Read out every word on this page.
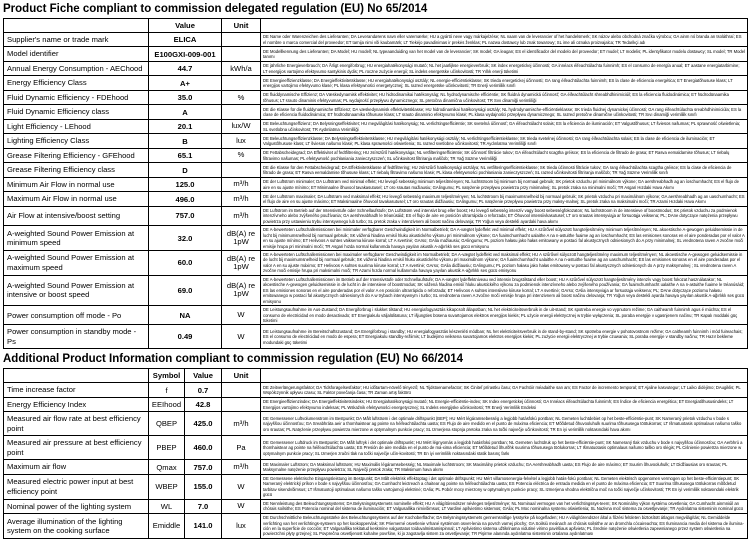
Product Fiche compliant to commission delegated regulation (EU) No 65/2014
	Value	Unit	
Supplier's name or trade mark	ELICA		DE Name oder Warenzeichen des Lieferanten; DA Leverandørens navn eller varemærke; HU a gyártó neve vagy márkajelzése; NL naam van de leverancier of het handelsmerk; SK názov alebo obchodná značka výrobcu; GA ainm nó branda an tsoláthraí; ES el nombre o marca comercial del proveedor; ET tarnija nimi või kaubamärk; LT Tiekėjo pavadinimas ir prekės ženklas; PL nazwa dostawcy lub znak towarowy; SL ime ali oznaka proizvajalca; TR Tedarikçi adı
Model identifier	E100GXI-009-001		DE Modellkennung des Lieferanten; DA Model; HU modell; NL typeaanduiding van het model van de leverancier; SK model; GA leagan; ES el identificador del modelo del proveedor; ET mudel; LT modelis; PL identyfikator modelu dostawcy; SL model; TR Model tanımı
Annual Energy Consumption - AEChood	44.7	kWh/a	DE jährliche Energieverbrauch; DA Årligt energiforbrug; HU energiahatékonysági mutató; NL het jaarlijkse energieverbruik; SK index energetickej účinnosti; GA innéacs éifeachtúlachta fuinnimh; ES el consumo de energía anual; ET aastane energiatarbimine; LT energijos vartojimo efektyvumo santykinis dydis; PL roczne zużycie energii; SL indeks energetske učinkovitosti; TR Yıllık enerji tüketimi
Energy Efficiency Class	A+		DE Energieeffizienzklasse; DA Energieffektivitetsklasse; HU energiahatékonysági osztály; NL energie-efficiëntieklasse; SK trieda energetickej účinnosti; GA rang éifeachtúlachta fuinnimh; ES la clase de eficiencia energética; ET Energiatõhususe klass; LT energijos vartojimo efektyvumo klasė; PL klasa efektywności energetycznej; SL razred energetske učinkovitosti; TR Enerji verimlilik sınıfı
Fluid Dynamic Efficiency - FDEhood	35.0	%	DE fluiddynamische Effizienz; DA Væskedynamisk effektivitet; HU hidrodinamikai hatékonyság; NL hydrodynamische efficiëntie; SK fluidná dynamická účinnosť; GA éifeachtúlacht shreabhdhinimiciúil; ES la eficiencia fluidodinámica; ET hüdrodünaamika tõhusus; LT srauto dinaminis efektyvumas; PL wydajność przepływu dynamicznego; SL pretočna dinamična učinkovitost; TR Sıvı dinamiği verimliliği
Fluid Dynamic Efficiency class	A		DE die Klasse für die fluiddynamische Effizienz; DA væskedynamisk effektivitetsklasse; HU hidrodinamikai hatékonysági osztály; NL hydrodynamische-efficiëntieklasse; SK trieda fluidnej dynamickej účinnosti; GA rang éifeachtúlachta sreabhdhinimiciúla; ES la clase de eficiencia fluidodinámica; ET hüdrodünaamika tõhususe klass; LT srauto dinaminio efektyvumo klasė; PL klasa wydajności przepływu dynamicznego; SL razred pretočne dinamične učinkovitosti; TR Sıvı dinamiği verimlilik sınıfı
Light Efficiency - LEhood	20.1	lux/W	DE Beleuchtungseffizienz; DA Belysningseffektivitet; HU megvilágítási hatékonyság; NL verlichtingsefficiëntie; SK svetelná účinnosť; GA éifeachtúlacht solais; ES la eficiencia de iluminación; ET Valgustõhusus; LT šviesos našumas; PL sprawność oświetlenia; SL svetlobna učinkovitost; TR Aydınlatma Verimliliği
Lighting Efficiency Class	B	lux	DE Beleuchtungseffizienzklasse; DA Belysningseffektivitetsklasse; HU megvilágítási hatékonysági osztály; NL verlichtingsefficiëntieklasse; SK trieda svetelnej účinnosti; GA rang éifeachtúlachta solais; ES la clase de eficiencia de iluminación; ET Valgustõhususe klass; LT šviesos našumo klasė; PL klasa sprawności oświetlenia; SL razred svetlobne učinkovitosti; TR Aydınlatma Verimliliği sınıfı
Grease Filtering Efficiency - GFEhood	65.1	%	DE Fettabscheidegrad; DA Effektivitet af fedtfiltrering; HU zsírszűrő hatékonysága; NL vetfilteringsefficiëntie; SK účinnosť filtrácie tukov; GA éifeachtúlacht scagtha gréisce; ES la eficiencia de filtrado de grasa; ET Rasva eemaldamise tõhusus; LT riebalų filtravimo našumas; PL efektywność pochłaniania zanieczyszczeń; SL učinkovitost filtriranja maščob; TR Yağ Süzme Verimliliği
Grease Filtering Efficiency class	D		DE die Klasse für den Fettabscheidegrad; DA Effektivitetsklasse af fedtfiltrering; HU zsírszűrő hatékonysági osztálya; NL vetfilteringsefficiëntieklasse; SK trieda účinnosti filtrácie tukov; GA rang éifeachtúlachta scagtha gréisce; ES la clase de eficiencia de filtrado de grasa; ET Rasva eemaldamise tõhususe klass; LT riebalų filtravimo našumo klasė; PL klasa efektywności pochłaniania zanieczyszczeń; SL razred učinkovitosti filtriranja maščob; TR Yağ Süzme Verimlilik sınıfı
Minimum Air Flow in normal use	125.0	m³/h	DE der Luftstrom minimaler; DA Luftstrøm ved minimal effekt; HU levegő sebesség minimum teljesítményen; NL luchtstroom bij minimum bij normaal gebruik; SK prietok vzduchu pri minimálnom výkone; GA aershreabhadh ag an íoschumhacht; ES el flujo de aire en su ajuste mínimo; ET Minimaalne õhuvool tavakasutusel; LT oro srautas mažiausiu; GAlingumu; PL natężenie przepływu powietrza przy minimalnej; SL pretok zraka na minimalni moči; TR Asgari Hızdaki Hava Akımı
Maximum Air Flow in normal use	496.0	m³/h	DE der Luftstrom maximaler; DA Luftstrøm ved maksimal effekt; HU levegő sebesség maximum teljesítményen; NL luchtstroom bij maximumsnelheid bij normaal gebruik; SK prietok vzduchu pri maximálnom výkone; GA aershreabhadh ag an uaschumhacht; ES el flujo de aire en su ajuste máximo; ET Maksimaalne õhuvool tavakasutusel; LT oro srautas didžiausiu; GAlingumu; PL natężenie przepływu powietrza przy maksy-malnej; SL pretok zraka na maksimalni moči; TR Azami Hızdaki Hava Akımı
Air Flow at intensive/boost setting	757.0	m³/h	DE Luftstrom im Betrieb auf der Intensivstufe oder Schnellaufstufe; DA Luftstrøm ved intensivt brug eller boost; HU levegő sebesség intenzív vagy boost sebességfokozaton; NL luchtstroom in de intensieve of boostmodus; SK prietok vzduchu za podmienok intenzívneho alebo zvýšeného používania; GA aershreabhadh le tréanúsáid; ES el flujo de aire en posición ultrarrápida o reforzada; ET Õhuvool intensiivkasutusel; LT oro srautas intensyviąja ar forsuotąja veiksena; PL; DAne dotyczące natężenia przepływu powietrza przy ustawieniu trybu intensywnego lub turbo; SL pretok zraka v intenzivnem ali boost načinu delovanja; TR Yoğun veya destekli ayardaki hava akımı
A-weighted Sound Power Emission at minimum speed	32.0	dB(A) re 1pW	DE A-bewerteten Luftschallemissionen bei minimaler verfügbarer Geschwindigkeit im Normalbetrieb; DA A-vægtet lydeffekt ved minimal effekt; HU A szűrővel súlyozott hangteljesítmény minimum teljesítményen; NL akoestische A-gewogen geluidsemissie in de lucht bij minimumsnelheid bij normaal gebruik; SK vážená hladina emisií hluku akustického výkonu pri minimálnom výkone; GA fuaimchumhacht ualaithe A na n-astuithe fuaime ag an íoschumhacht; ES las emisiones sonoras en el aire ponderadas por el valor A en su ajuste mínimo; ET Helivoos A suhtes väiksema kiiruse korral; LT A svertinė; GArso; GAlia mažiausiu; GAlingumu; PL poziom hałasu jako hałas emitowany w postaci fal akustycznych odniesionych do A przy minimalnej; SL vrednotena raven A zvočne moči emisije hrupa pri minimalni moči; TR Asgari hızda normal kullanımda havaya yayılan akustik A-ağırlıklı ses gücü emisyonu
A-weighted Sound Power Emission at maximum speed	60.0	dB(A) re 1pW	DE A-bewerteten Luftschallemissionen bei maximaler verfügbarer Geschwindigkeit im Normalbetrieb; DA A-vægtet lydeffekt ved maksimal effekt; HU A szűrővel súlyozott hangteljesítmény maximum teljesítményen; NL akoestische A-gewogen geluidsemissie in de lucht bij maximumsnelheid bij normaal gebruik; SK vážená hladina emisií hluku akustického výkonu pri maximálnom výkone; GA fuaimchumhacht ualaithe A na n-astuithe fuaime ag an uaschumhacht; ES las emisiones sonoras en el aire ponderadas por el valor A en su ajuste máximo; ET Helivoos A suhtes suurima kiiruse korral; LT A svertinė; GArso; GAlia didžiausiu; GAlingumu; PL poziom hałasu jako hałas emitowany w postaci fal akustycznych odniesionych do A przy maksymalnej ; SL vrednotena raven A zvočne moči emisije hrupa pri maksimalni moči; TR Azami hızda normal kullanımda havaya yayılan akustik A-ağırlıklı ses gücü emisyonu
A-weighted Sound Power Emission at intensive or boost speed	69.0	dB(A) re 1pW	DE A-bewerteten Luftschallemissionen im Betrieb auf der Intensivstufe oder Schnellaufstufe; DA A-vægtet lydeffektniveau ved intensiv brugstilstand eller boost; HU A szűrővel súlyozott hangteljesítmény intenzív vagy boost fokozat használatakor; NL akoestische A-gewogen geluidsemissie in de lucht in de intensieve of boostmodus; SK vážená hladina emisií hluku akustického výkonu za podmienok intenzívneho alebo zvýšeného používania; GA fuaimchumhacht ualaithe A na n-astuithe fuaime le tréanúsáid; ES las emisiones sonoras en el aire ponderadas por el valor A en posición ultrarrápida o reforzada; ET Helivoos A suhtes intensiivse kiiruse korral; LT A svertinė; GArso; GAlia intensyviąja ar forsuotąja veiksena; PL; DAne dotyczące poziomu hałasu emitowanego w postaci fal akustycznych odniesionych do A w trybach intensywnym i turbo; SL vrednotena raven A zvočne moči emisije hrupa pri intenzivnem ali boost načinu delovanja; TR Yoğun veya destekli ayarda havaya yayılan akustik A-ağırlıklı ses gücü emisyonu
Power consumption off mode - Po	NA	W	DE Leistungsaufnahme im Aus-Zustand; DA Energiforbrug i slukket tilstand; HU energiafogyasztás kikapcsolt állapotban; NL het elektriciteitsverbruik in de uit-stand; SK spotreba energie vo vypnutom režime; GA caitheamh fuinnimh agus é múchta; ES el consumo de electricidad en modo desactivado; ET Energiakulu väljalülitatuna; LT išjungties būsena suvartojamos elektros energijos kiekis; PL użycie energii elektrycznej w trybie wyłączenia; SL poraba energije v ugasnjenem načinu; TR Kapalı moddaki güç tüketimi
Power consumption in standby mode - Ps	0.49	W	DE Leistungsaufnahme im Bereitschaftszustand; DA Energiforbrug i standby; HU energiafogyasztás készenléti módban; NL het elektriciteitsverbruik in de stand-by-stand; SK spotreba energie v pohotovostnom režime; GA caitheamh fuinnimh i mód fuireachais; ES el consumo de electricidad en modo de espera; ET Energiakulu standby-režiimis; LT budėjimo veiksena suvartojamos elektros energijos kiekis; PL zużycie energii elektrycznej w trybie czuwania; SL poraba energije v standby načinu; TR Hazır bekleme modundaki güç tüketimi
Additional Product Information compliant to commission regulation (EU) No 66/2014
	Symbol	Value	Unit	
Time increase factor	f	0.7		DE Zeitverlängerungsfaktor; DA Tidsforøgelsesfaktor; HU időtartam-növelő tényező; NL Tijdstoenamefactor; SK Činiteľ prírastku času; GA Fachtóir méadaithe san am; ES Factor de incremento temporal; ET Ajaline kasvutegur; LT Laiko didėjimo; DAugiklis; PL Współczynnik upływu czasu; SL Faktor povečanja časa; TR Zaman artış faktörü
Energy Efficiency Index	EEIhood	42.8		DE Energieeffizienzindex; DA Energieffektivitetsindeks; HU Energiahatékonysági mutató; NL Energie-efficiëntie-index; SK Index energetickej účinnosti; GA Innéacs éifeachtúlachta fuinnimh; ES Índice de eficiencia energética; ET Energiatõhususindeks; LT Energijos vartojimo efektyvumo indeksas; PL Wskaźnik efektywności energetycznej; SL Indeks energijske učinkovitosti; TR Enerji Verimlilik Endeksi
Measured air flow rate at best efficiency point	QBEP	425.0	m³/h	DE Gemessener Luftvolumenstrom im Bestpunkt; DA Målt luftstrøm i det optimale driftspunkt (BEP); HU Mért légáramsebesség a legjobb hatásfokú pontban; NL Gemeten luchtdebiet op het beste-efficiëntie-punt; SK Nameraný prietok vzduchu v bode s najvyššou účinnosťou; GA Sreabhráta aeir a thomhaistear ag pointe na héifeachtúlachta uasta; ES Flujo de aire medido en el punto de máxima eficiencia; ET Mõõdetud õhuvooluhulk suurima tõhususega töötukorras; LT Išmatuotasis optimalaus našumo taško oro srautas; PL Natężenie przepływu powietrza mierzone w optymalnym punkcie pracy; SL Izmerjena stopnja pretoka zraka na točki največje učinkovitosti; TR En iyi verimlilik noktasındaki hava akımı
Measured air pressure at best efficiency point	PBEP	460.0	Pa	DE Gemessener Luftdruck im Bestpunkt; DA Målt luftryk i det optimale driftspunkt; HU Mért légnyomás a legjobb hatásfokú pontban; NL Gemeten luchtdruk op het beste-efficiëntie-punt; SK Nameraný tlak vzduchu v bode s najvyššou účinnosťou; GA Aerbhrú a thomhaistear ag pointe na héifeachtúlachta uasta; ES Presión de aire medida en el punto de má-xima eficiencia; ET Mõõdetud õhurõhk suurima tõhususega töölukorras; LT Išmatuotasis optimalaus našumo taško oro slėgis; PL Ciśnienie powietrza mierzone w optymalnym punkcie pracy; SL Izmerjen zračni tlak na točki največje učin-kovitosti; TR En iyi verimlilik noktasındaki statik basınç farkı
Maximum air flow	Qmax	757.0	m³/h	DE Maximaler Luftstrom; DA Maksimal luftstrøm; HU Maximális légáramsebesség; NL Maximale luchtstroom; SK Maximálny prietok vzduchu; GA Aershreabhadh uasta; ES Flujo de aire máximo; ET Suurim õhuvooluhulk; LT Didžiausias oro srautas; PL Maksymalne natężenie przepływu powietrza; SL Največji pretok zraka; TR Maksimum hava akımı
Measured electric power input at best efficiency point	WBEP	155.0	W	DE Gemessene elektrische Eingangsleistung im Bestpunkt; DA Målt elektrisk effektoptag i det optimale driftspunkt; HU Mért villamosenergia-felvétel a legjobb hatás-fokú pontban; NL Gemeten elektrisch opgenomen vermogen op het beste-efficiëntiepunt; SK Nameraný elektrický príkon v bode s najvyššou účinnosťou; GA Cumhacht leictreach a chaitear ag pointe na héifeachtúlachta uasta; ES Potencia eléctrica de entrada medida en el punto de máxima eficiencia; ET Suurima tõhususega töölukorras mõõdetud tarbitav sisendvõimsus; LT Išmatuotoji optimalaus našumo taško vartojamoji elektrinė; GAlia; PL Pobór mocy mierzony w optymalnym punkcie pracy; SL Izmerjena vhodna električna moč na točki največje učinkovitosti; TR En iyi verimlilik noktasındaki elektrik gücü
Nominal power of the lighting system	WL	7.0	W	DE Nennleistung des Beleuchtungssystems; DA Belysningssystemets nominelle effekt; HU A világítórendszer névleges teljesítménye; NL Nominaal vermogen van het verlichtingssys-teem; SK Nominálny výkon systému osvetlenia; GA Cumhacht ainmniúil an chórais soilsithe; ES Potencia nominal del sistema de iluminación; ET Valgusallika nimivõimsus; LT Vardinė apšvietimo sistemos; GAlia; PL Moc nominalna systemu oświetlenia; SL Nazivna moč sistema za osvetljevanje; TR Aydınlatma sisteminin nominal gücü
Average illumination of the lighting system on the cooking surface	Emiddle	141.0	lux	DE Durchschnittliche Beleuchtungsstärke des Beleuchtungssystems auf der Kochoberfläche; DA Belysningssystemets gennemsnitlige lysstyrke på kogefladen; HU A világítórendszer által a főzési felületen biztosított átlagos megvilágítás; NL Gemiddelde verlichting van het verlichtings-systeem op het kookoppervlak; SK Priemerné osvetlenie vrhané systémom osvet-lenia na povrch varnej plochy; GA Soilsiú meánach an chórais soilsithe ar an dromchla cócaireachta; ES Iluminancia media del sistema de ilumina-ción en la superficie de cocción; ET Valgusallika tekitatud keskmine valgustatus toiduvalmistamispinnal; LT Apšvietimo sistema užtikrinama vidutinė virimo paviršiaus apšvieta; PL Średnie natężenie oświetlenia zapewnianego przez system oświetlenia na powierzchni płyty grzejnej; SL Povprečna osvetljenost kuhalne površine, ki jo zagotavlja sistem za osvetljevanje; TR Pişirme alanında aydınlatma sisteminin ortalama aydınlatması
